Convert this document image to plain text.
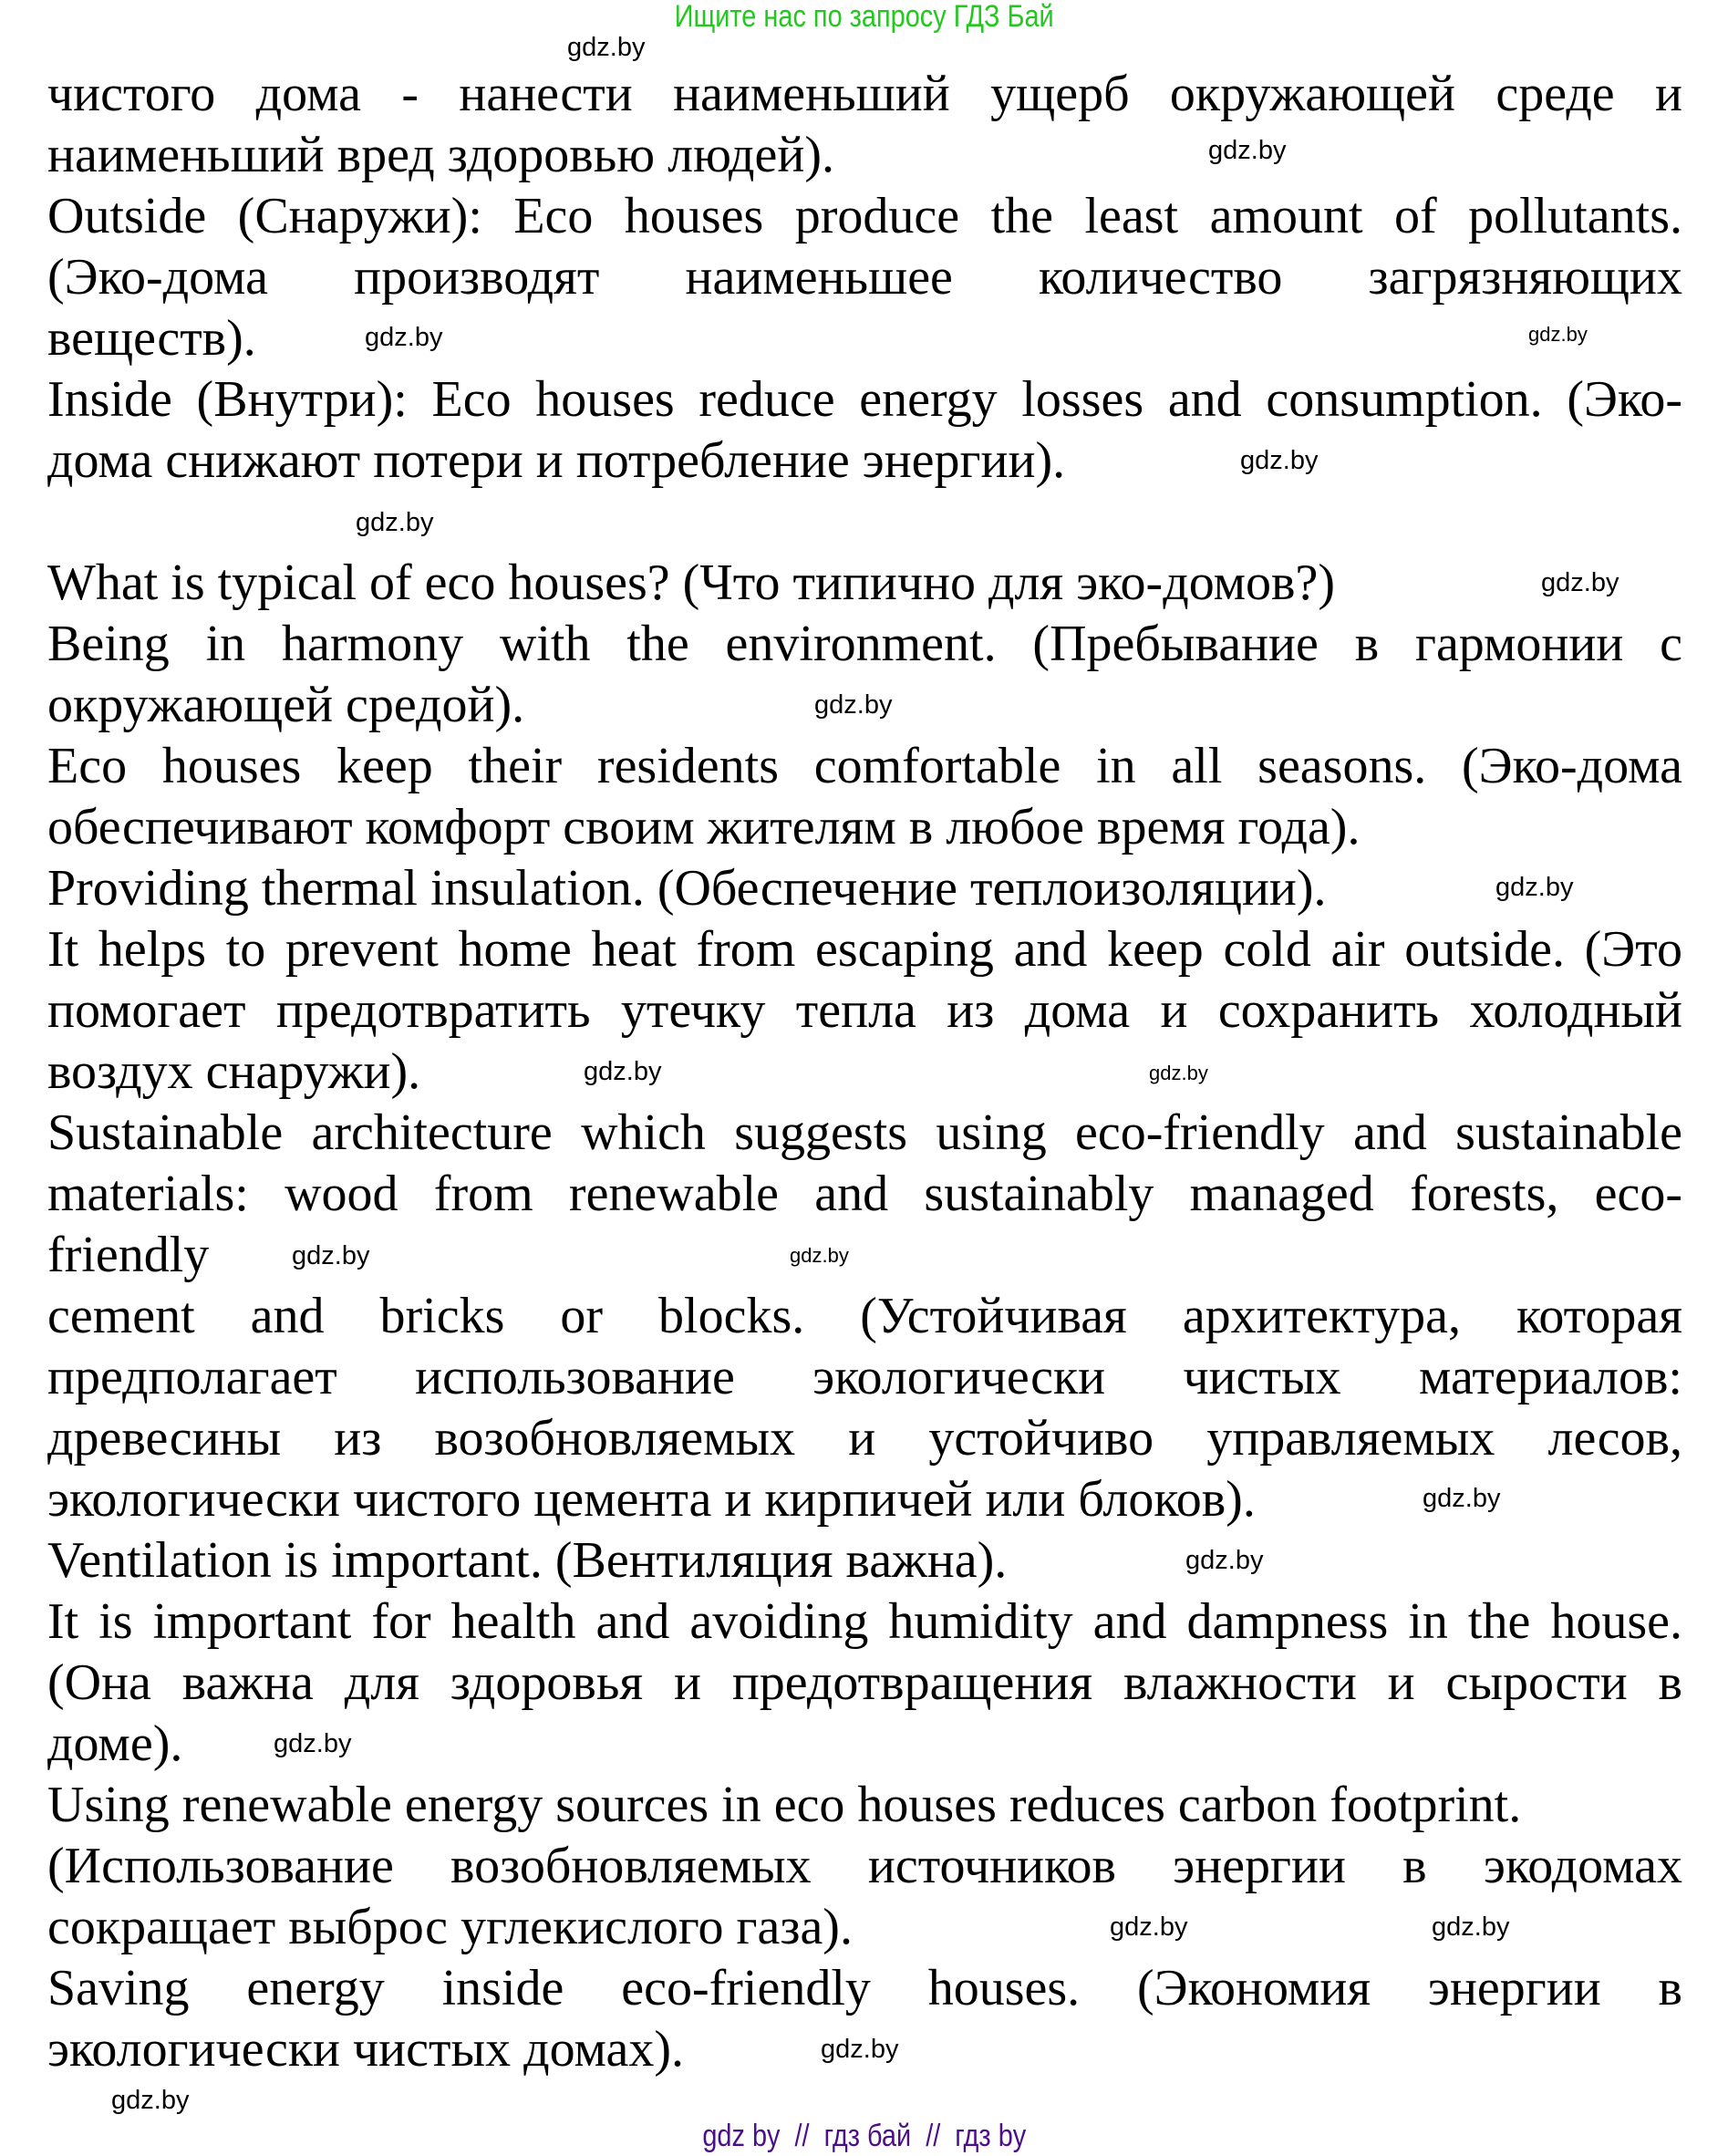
Ищите нас по запросу ГДЗ Бай
чистого дома - нанести наименьший ущерб окружающей среде и
наименьший вред здоровью людей).
Outside (Снаружи): Eco houses produce the least amount of pollutants.
(Эко-дома производят наименьшее количество загрязняющих
веществ).
Inside (Внутри): Eco houses reduce energy losses and consumption. (Эко-
дома снижают потери и потребление энергии).
What is typical of eco houses? (Что типично для эко-домов?)
Being in harmony with the environment. (Пребывание в гармонии с
окружающей средой).
Eco houses keep their residents comfortable in all seasons. (Эко-дома
обеспечивают комфорт своим жителям в любое время года).
Providing thermal insulation. (Обеспечение теплоизоляции).
It helps to prevent home heat from escaping and keep cold air outside. (Это
помогает предотвратить утечку тепла из дома и сохранить холодный
воздух снаружи).
Sustainable architecture which suggests using eco-friendly and sustainable
materials: wood from renewable and sustainably managed forests, eco-
friendly
cement and bricks or blocks. (Устойчивая архитектура, которая
предполагает использование экологически чистых материалов:
древесины из возобновляемых и устойчиво управляемых лесов,
экологически чистого цемента и кирпичей или блоков).
Ventilation is important. (Вентиляция важна).
It is important for health and avoiding humidity and dampness in the house.
(Она важна для здоровья и предотвращения влажности и сырости в
доме).
Using renewable energy sources in eco houses reduces carbon footprint.
(Использование возобновляемых источников энергии в экодомах
сокращает выброс углекислого газа).
Saving energy inside eco-friendly houses. (Экономия энергии в
экологически чистых домах).
gdz.by
gdz.by
gdz.by
gdz.by
gdz.by
gdz.by
gdz.by
gdz.by
gdz.by
gdz.by
gdz.by
gdz.by	gdz.by
gdz.by
gdz.by
gdz.by
gdz.by	gdz.by
gdz.by
gdz.by
gdz by  //  гдз бай  //  гдз by
